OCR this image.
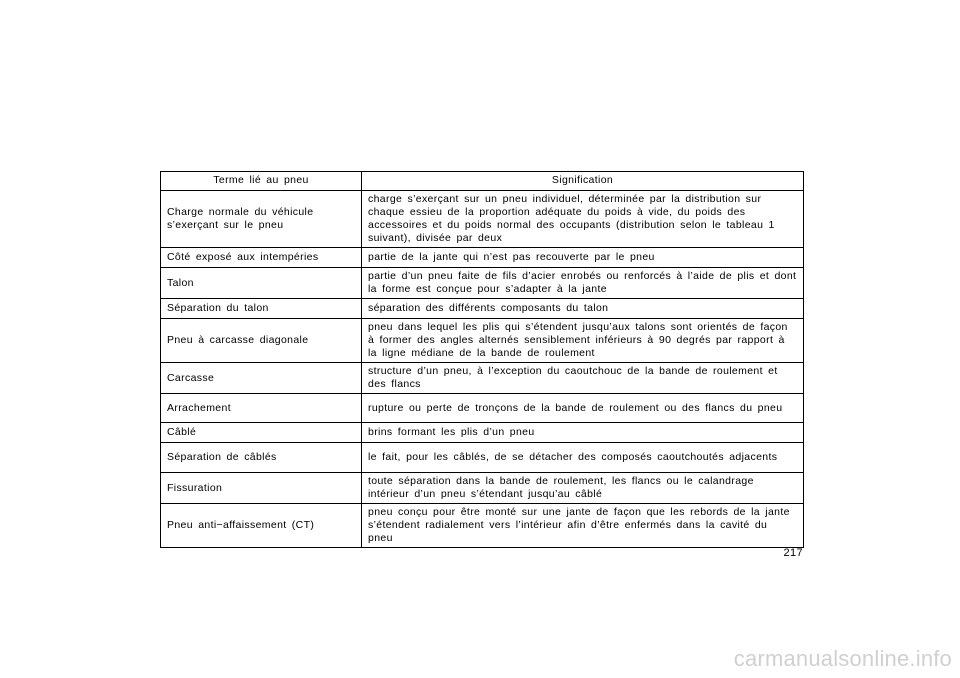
Terme lié au pneu	Signification
Charge normale du véhicule s’exerçant sur le pneu	charge s’exerçant sur un pneu individuel, déterminée par la distribution sur chaque essieu de la proportion adéquate du poids à vide, du poids des accessoires et du poids normal des occupants (distribution selon le tableau 1 suivant), divisée par deux
Côté exposé aux intempéries	partie de la jante qui n’est pas recouverte par le pneu
Talon	partie d’un pneu faite de fils d’acier enrobés ou renforcés à l’aide de plis et dont la forme est conçue pour s’adapter à la jante
Séparation du talon	séparation des différents composants du talon
Pneu à carcasse diagonale	pneu dans lequel les plis qui s’étendent jusqu’aux talons sont orientés de façon à former des angles alternés sensiblement inférieurs à 90 degrés par rapport à la ligne médiane de la bande de roulement
Carcasse	structure d’un pneu, à l’exception du caoutchouc de la bande de roulement et des flancs
Arrachement	rupture ou perte de tronçons de la bande de roulement ou des flancs du pneu
Câblé	brins formant les plis d’un pneu
Séparation de câblés	le fait, pour les câblés, de se détacher des composés caoutchoutés adjacents
Fissuration	toute séparation dans la bande de roulement, les flancs ou le calandrage intérieur d’un pneu s’étendant jusqu’au câblé
Pneu anti−affaissement (CT)	pneu conçu pour être monté sur une jante de façon que les rebords de la jante s’étendent radialement vers l’intérieur afin d’être enfermés dans la cavité du pneu
217
carmanualsonline.info
